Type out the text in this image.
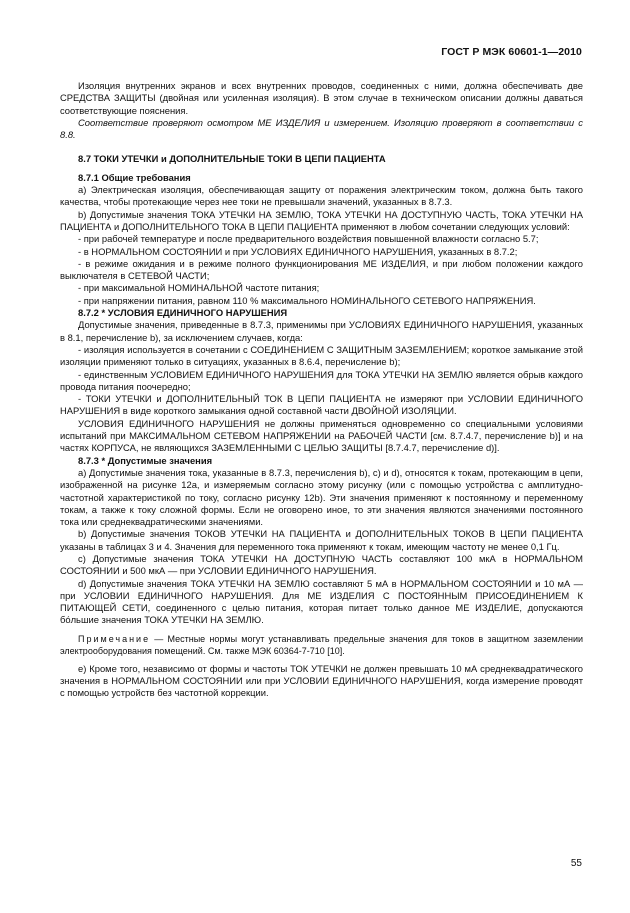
ГОСТ Р МЭК 60601-1—2010

Изоляция внутренних экранов и всех внутренних проводов, соединенных с ними, должна обеспечивать две СРЕДСТВА ЗАЩИТЫ (двойная или усиленная изоляция). В этом случае в техническом описании должны даваться соответствующие пояснения.

Соответствие проверяют осмотром МЕ ИЗДЕЛИЯ и измерением. Изоляцию проверяют в соответствии с 8.8.

8.7 ТОКИ УТЕЧКИ и ДОПОЛНИТЕЛЬНЫЕ ТОКИ В ЦЕПИ ПАЦИЕНТА
8.7.1 Общие требования

а) Электрическая изоляция, обеспечивающая защиту от поражения электрическим током, должна быть такого качества, чтобы протекающие через нее токи не превышали значений, указанных в 8.7.3.

b) Допустимые значения ТОКА УТЕЧКИ НА ЗЕМЛЮ, ТОКА УТЕЧКИ НА ДОСТУПНУЮ ЧАСТЬ, ТОКА УТЕЧКИ НА ПАЦИЕНТА и ДОПОЛНИТЕЛЬНОГО ТОКА В ЦЕПИ ПАЦИЕНТА применяют в любом сочетании следующих условий:

- при рабочей температуре и после предварительного воздействия повышенной влажности согласно 5.7;

- в НОРМАЛЬНОМ СОСТОЯНИИ и при УСЛОВИЯХ ЕДИНИЧНОГО НАРУШЕНИЯ, указанных в 8.7.2;

- в режиме ожидания и в режиме полного функционирования МЕ ИЗДЕЛИЯ, и при любом положении каждого выключателя в СЕТЕВОЙ ЧАСТИ;

- при максимальной НОМИНАЛЬНОЙ частоте питания;

- при напряжении питания, равном 110 % максимального НОМИНАЛЬНОГО СЕТЕВОГО НАПРЯЖЕНИЯ.

8.7.2 * УСЛОВИЯ ЕДИНИЧНОГО НАРУШЕНИЯ

Допустимые значения, приведенные в 8.7.3, применимы при УСЛОВИЯХ ЕДИНИЧНОГО НАРУШЕНИЯ, указанных в 8.1, перечисление b), за исключением случаев, когда:

- изоляция используется в сочетании с СОЕДИНЕНИЕМ С ЗАЩИТНЫМ ЗАЗЕМЛЕНИЕМ; короткое замыкание этой изоляции применяют только в ситуациях, указанных в 8.6.4, перечисление b);

- единственным УСЛОВИЕМ ЕДИНИЧНОГО НАРУШЕНИЯ для ТОКА УТЕЧКИ НА ЗЕМЛЮ является обрыв каждого провода питания поочередно;

- ТОКИ УТЕЧКИ и ДОПОЛНИТЕЛЬНЫЙ ТОК В ЦЕПИ ПАЦИЕНТА не измеряют при УСЛОВИИ ЕДИНИЧНОГО НАРУШЕНИЯ в виде короткого замыкания одной составной части ДВОЙНОЙ ИЗОЛЯЦИИ.

УСЛОВИЯ ЕДИНИЧНОГО НАРУШЕНИЯ не должны применяться одновременно со специальными условиями испытаний при МАКСИМАЛЬНОМ СЕТЕВОМ НАПРЯЖЕНИИ на РАБОЧЕЙ ЧАСТИ [см. 8.7.4.7, перечисление b)] и на частях КОРПУСА, не являющихся ЗАЗЕМЛЕННЫМИ С ЦЕЛЬЮ ЗАЩИТЫ [8.7.4.7, перечисление d)].

8.7.3 * Допустимые значения

а) Допустимые значения тока, указанные в 8.7.3, перечисления b), c) и d), относятся к токам, протекающим в цепи, изображенной на рисунке 12а, и измеряемым согласно этому рисунку (или с помощью устройства с амплитудно-частотной характеристикой по току, согласно рисунку 12b). Эти значения применяют к постоянному и переменному токам, а также к току сложной формы. Если не оговорено иное, то эти значения являются значениями постоянного тока или среднеквадратическими значениями.

b) Допустимые значения ТОКОВ УТЕЧКИ НА ПАЦИЕНТА и ДОПОЛНИТЕЛЬНЫХ ТОКОВ В ЦЕПИ ПАЦИЕНТА указаны в таблицах 3 и 4. Значения для переменного тока применяют к токам, имеющим частоту не менее 0,1 Гц.

с) Допустимые значения ТОКА УТЕЧКИ НА ДОСТУПНУЮ ЧАСТЬ составляют 100 мкА в НОРМАЛЬНОМ СОСТОЯНИИ и 500 мкА — при УСЛОВИИ ЕДИНИЧНОГО НАРУШЕНИЯ.

d) Допустимые значения ТОКА УТЕЧКИ НА ЗЕМЛЮ составляют 5 мА в НОРМАЛЬНОМ СОСТОЯНИИ и 10 мА — при УСЛОВИИ ЕДИНИЧНОГО НАРУШЕНИЯ. Для МЕ ИЗДЕЛИЯ С ПОСТОЯННЫМ ПРИСОЕДИНЕНИЕМ К ПИТАЮЩЕЙ СЕТИ, соединенного с целью питания, которая питает только данное МЕ ИЗДЕЛИЕ, допускаются бо́льшие значения ТОКА УТЕЧКИ НА ЗЕМЛЮ.

Примечание — Местные нормы могут устанавливать предельные значения для токов в защитном заземлении электрооборудования помещений. См. также МЭК 60364-7-710 [10].

е) Кроме того, независимо от формы и частоты ТОК УТЕЧКИ не должен превышать 10 мА среднеквадратического значения в НОРМАЛЬНОМ СОСТОЯНИИ или при УСЛОВИИ ЕДИНИЧНОГО НАРУШЕНИЯ, когда измерение проводят с помощью устройств без частотной коррекции.

55
